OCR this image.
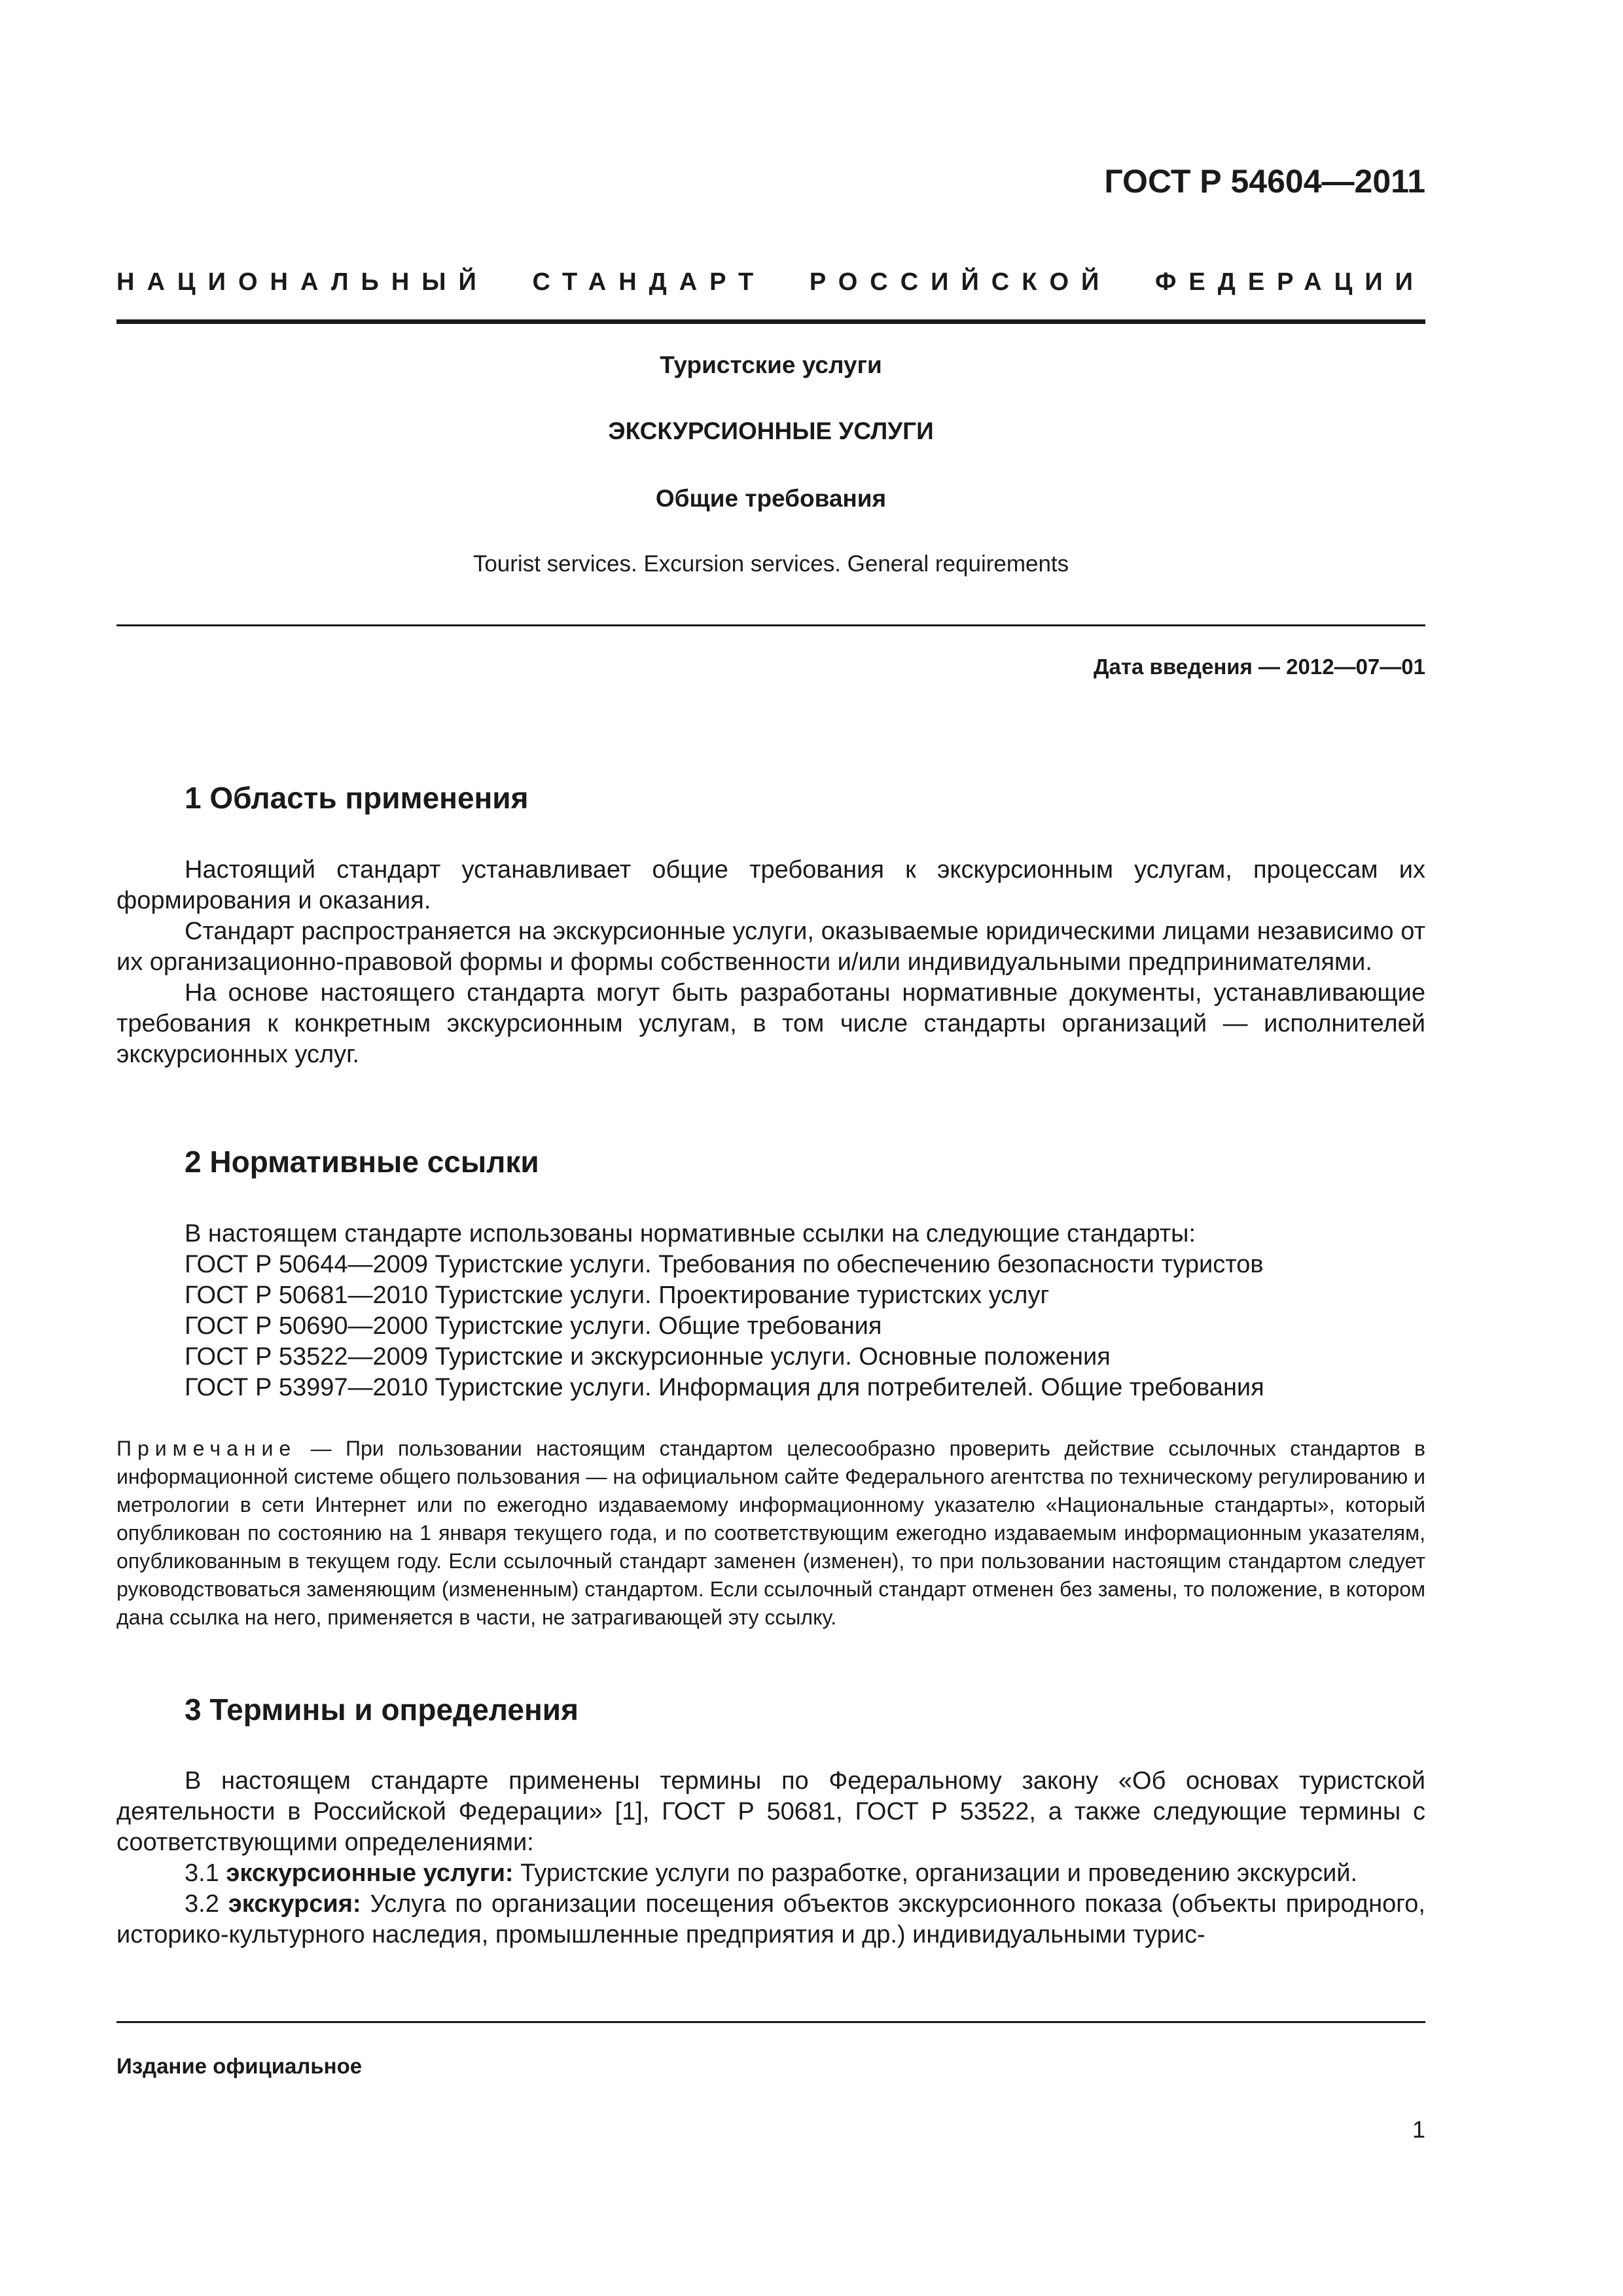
ГОСТ Р 54604—2011
НАЦИОНАЛЬНЫЙ СТАНДАРТ РОССИЙСКОЙ ФЕДЕРАЦИИ
Туристские услуги
ЭКСКУРСИОННЫЕ УСЛУГИ
Общие требования
Tourist services. Excursion services. General requirements
Дата введения — 2012—07—01
1 Область применения

Настоящий стандарт устанавливает общие требования к экскурсионным услугам, процессам их формирования и оказания.

Стандарт распространяется на экскурсионные услуги, оказываемые юридическими лицами независимо от их организационно-правовой формы и формы собственности и/или индивидуальными предпринимателями.

На основе настоящего стандарта могут быть разработаны нормативные документы, устанавливающие требования к конкретным экскурсионным услугам, в том числе стандарты организаций — исполнителей экскурсионных услуг.

2 Нормативные ссылки
В настоящем стандарте использованы нормативные ссылки на следующие стандарты:
ГОСТ Р 50644—2009 Туристские услуги. Требования по обеспечению безопасности туристов
ГОСТ Р 50681—2010 Туристские услуги. Проектирование туристских услуг
ГОСТ Р 50690—2000 Туристские услуги. Общие требования
ГОСТ Р 53522—2009 Туристские и экскурсионные услуги. Основные положения
ГОСТ Р 53997—2010 Туристские услуги. Информация для потребителей. Общие требования
Примечание — При пользовании настоящим стандартом целесообразно проверить действие ссылочных стандартов в информационной системе общего пользования — на официальном сайте Федерального агентства по техническому регулированию и метрологии в сети Интернет или по ежегодно издаваемому информационному указателю «Национальные стандарты», который опубликован по состоянию на 1 января текущего года, и по соответствующим ежегодно издаваемым информационным указателям, опубликованным в текущем году. Если ссылочный стандарт заменен (изменен), то при пользовании настоящим стандартом следует руководствоваться заменяющим (измененным) стандартом. Если ссылочный стандарт отменен без замены, то положение, в котором дана ссылка на него, применяется в части, не затрагивающей эту ссылку.
3 Термины и определения

В настоящем стандарте применены термины по Федеральному закону «Об основах туристской деятельности в Российской Федерации» [1], ГОСТ Р 50681, ГОСТ Р 53522, а также следующие термины с соответствующими определениями:

3.1 экскурсионные услуги: Туристские услуги по разработке, организации и проведению экскурсий.

3.2 экскурсия: Услуга по организации посещения объектов экскурсионного показа (объекты природного, историко-культурного наследия, промышленные предприятия и др.) индивидуальными турис-

Издание официальное
1
